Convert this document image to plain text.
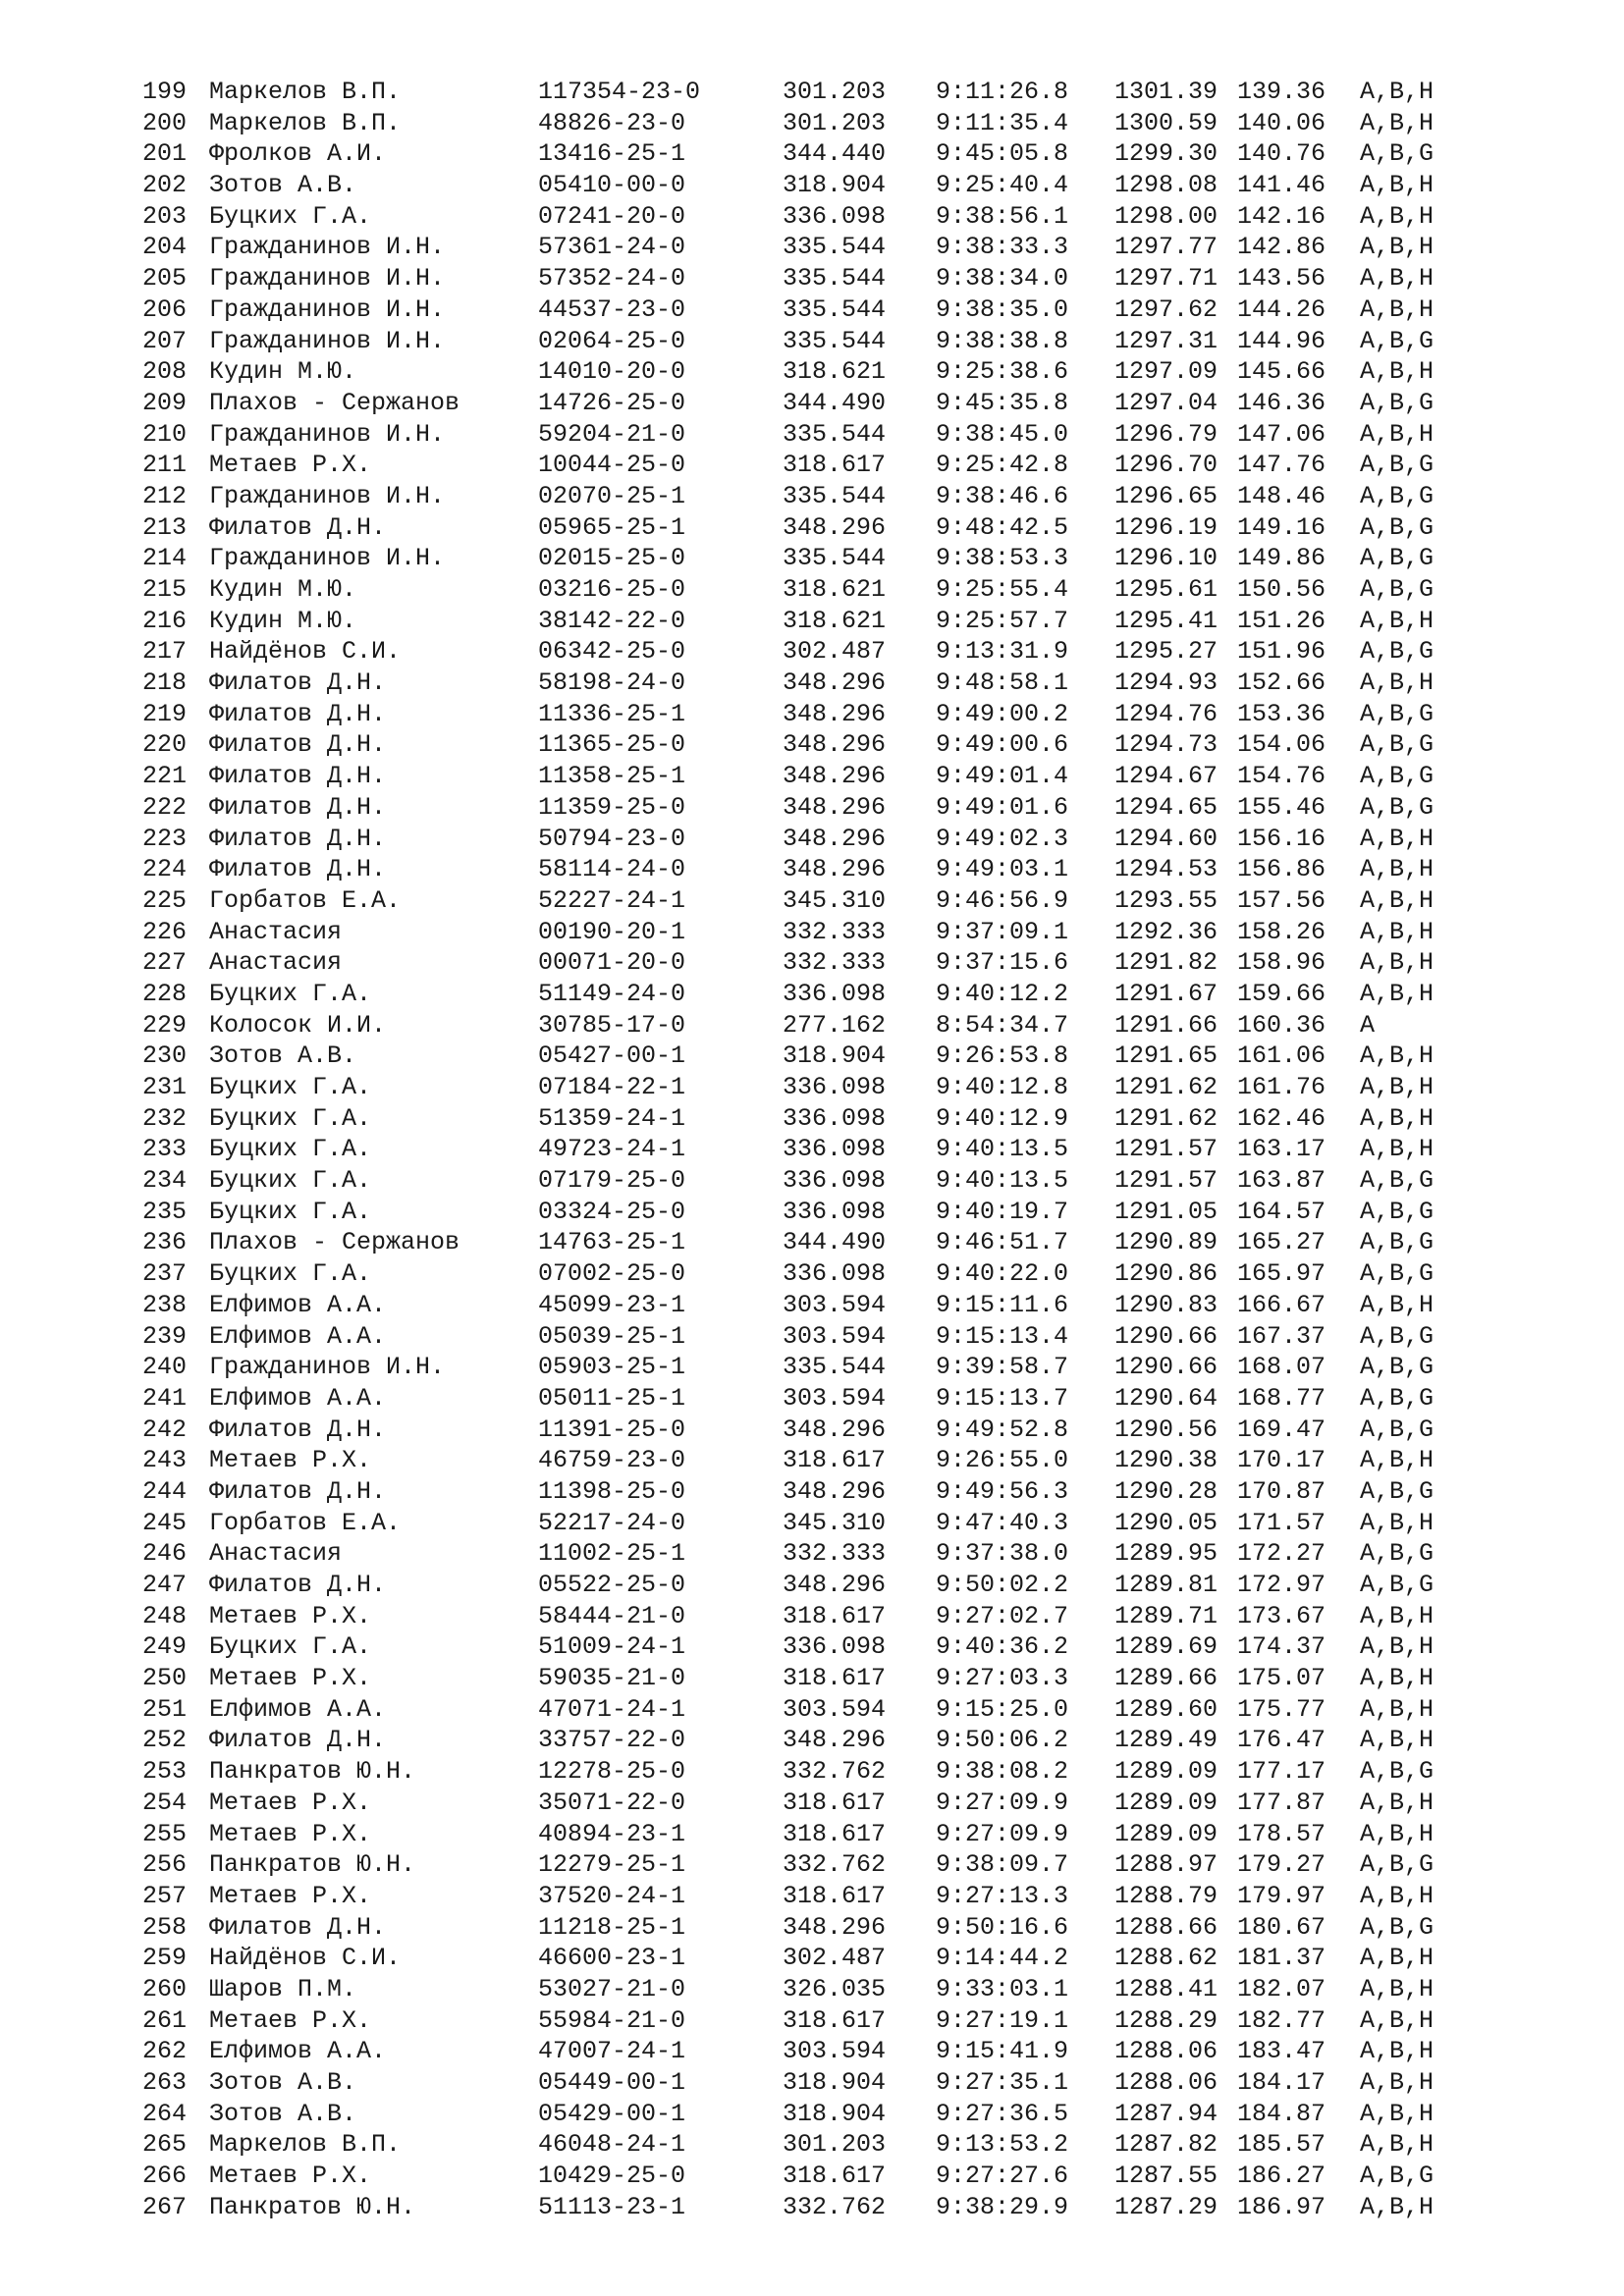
199 Маркелов В.П.	117354-23-0	301.203 9:11:26.8 1301.39 139.36 A,B,H
200 Маркелов В.П.	48826-23-0	301.203 9:11:35.4 1300.59 140.06 A,B,H
201 Фролков А.И.	13416-25-1	344.440 9:45:05.8 1299.30 140.76 A,B,G
202 Зотов А.В.	05410-00-0	318.904 9:25:40.4 1298.08 141.46 A,B,H
203 Буцких Г.А.	07241-20-0	336.098 9:38:56.1 1298.00 142.16 A,B,H
204 Гражданинов И.Н.	57361-24-0	335.544 9:38:33.3 1297.77 142.86 A,B,H
205 Гражданинов И.Н.	57352-24-0	335.544 9:38:34.0 1297.71 143.56 A,B,H
206 Гражданинов И.Н.	44537-23-0	335.544 9:38:35.0 1297.62 144.26 A,B,H
207 Гражданинов И.Н.	02064-25-0	335.544 9:38:38.8 1297.31 144.96 A,B,G
208 Кудин М.Ю.	14010-20-0	318.621 9:25:38.6 1297.09 145.66 A,B,H
209 Плахов - Сержанов	14726-25-0	344.490 9:45:35.8 1297.04 146.36 A,B,G
210 Гражданинов И.Н.	59204-21-0	335.544 9:38:45.0 1296.79 147.06 A,B,H
211 Метаев Р.Х.	10044-25-0	318.617 9:25:42.8 1296.70 147.76 A,B,G
212 Гражданинов И.Н.	02070-25-1	335.544 9:38:46.6 1296.65 148.46 A,B,G
213 Филатов Д.Н.	05965-25-1	348.296 9:48:42.5 1296.19 149.16 A,B,G
214 Гражданинов И.Н.	02015-25-0	335.544 9:38:53.3 1296.10 149.86 A,B,G
215 Кудин М.Ю.	03216-25-0	318.621 9:25:55.4 1295.61 150.56 A,B,G
216 Кудин М.Ю.	38142-22-0	318.621 9:25:57.7 1295.41 151.26 A,B,H
217 Найдёнов С.И.	06342-25-0	302.487 9:13:31.9 1295.27 151.96 A,B,G
218 Филатов Д.Н.	58198-24-0	348.296 9:48:58.1 1294.93 152.66 A,B,H
219 Филатов Д.Н.	11336-25-1	348.296 9:49:00.2 1294.76 153.36 A,B,G
220 Филатов Д.Н.	11365-25-0	348.296 9:49:00.6 1294.73 154.06 A,B,G
221 Филатов Д.Н.	11358-25-1	348.296 9:49:01.4 1294.67 154.76 A,B,G
222 Филатов Д.Н.	11359-25-0	348.296 9:49:01.6 1294.65 155.46 A,B,G
223 Филатов Д.Н.	50794-23-0	348.296 9:49:02.3 1294.60 156.16 A,B,H
224 Филатов Д.Н.	58114-24-0	348.296 9:49:03.1 1294.53 156.86 A,B,H
225 Горбатов Е.А.	52227-24-1	345.310 9:46:56.9 1293.55 157.56 A,B,H
226 Анастасия	00190-20-1	332.333 9:37:09.1 1292.36 158.26 A,B,H
227 Анастасия	00071-20-0	332.333 9:37:15.6 1291.82 158.96 A,B,H
228 Буцких Г.А.	51149-24-0	336.098 9:40:12.2 1291.67 159.66 A,B,H
229 Колосок И.И.	30785-17-0	277.162 8:54:34.7 1291.66 160.36 A
230 Зотов А.В.	05427-00-1	318.904 9:26:53.8 1291.65 161.06 A,B,H
231 Буцких Г.А.	07184-22-1	336.098 9:40:12.8 1291.62 161.76 A,B,H
232 Буцких Г.А.	51359-24-1	336.098 9:40:12.9 1291.62 162.46 A,B,H
233 Буцких Г.А.	49723-24-1	336.098 9:40:13.5 1291.57 163.17 A,B,H
234 Буцких Г.А.	07179-25-0	336.098 9:40:13.5 1291.57 163.87 A,B,G
235 Буцких Г.А.	03324-25-0	336.098 9:40:19.7 1291.05 164.57 A,B,G
236 Плахов - Сержанов	14763-25-1	344.490 9:46:51.7 1290.89 165.27 A,B,G
237 Буцких Г.А.	07002-25-0	336.098 9:40:22.0 1290.86 165.97 A,B,G
238 Елфимов А.А.	45099-23-1	303.594 9:15:11.6 1290.83 166.67 A,B,H
239 Елфимов А.А.	05039-25-1	303.594 9:15:13.4 1290.66 167.37 A,B,G
240 Гражданинов И.Н.	05903-25-1	335.544 9:39:58.7 1290.66 168.07 A,B,G
241 Елфимов А.А.	05011-25-1	303.594 9:15:13.7 1290.64 168.77 A,B,G
242 Филатов Д.Н.	11391-25-0	348.296 9:49:52.8 1290.56 169.47 A,B,G
243 Метаев Р.Х.	46759-23-0	318.617 9:26:55.0 1290.38 170.17 A,B,H
244 Филатов Д.Н.	11398-25-0	348.296 9:49:56.3 1290.28 170.87 A,B,G
245 Горбатов Е.А.	52217-24-0	345.310 9:47:40.3 1290.05 171.57 A,B,H
246 Анастасия	11002-25-1	332.333 9:37:38.0 1289.95 172.27 A,B,G
247 Филатов Д.Н.	05522-25-0	348.296 9:50:02.2 1289.81 172.97 A,B,G
248 Метаев Р.Х.	58444-21-0	318.617 9:27:02.7 1289.71 173.67 A,B,H
249 Буцких Г.А.	51009-24-1	336.098 9:40:36.2 1289.69 174.37 A,B,H
250 Метаев Р.Х.	59035-21-0	318.617 9:27:03.3 1289.66 175.07 A,B,H
251 Елфимов А.А.	47071-24-1	303.594 9:15:25.0 1289.60 175.77 A,B,H
252 Филатов Д.Н.	33757-22-0	348.296 9:50:06.2 1289.49 176.47 A,B,H
253 Панкратов Ю.Н.	12278-25-0	332.762 9:38:08.2 1289.09 177.17 A,B,G
254 Метаев Р.Х.	35071-22-0	318.617 9:27:09.9 1289.09 177.87 A,B,H
255 Метаев Р.Х.	40894-23-1	318.617 9:27:09.9 1289.09 178.57 A,B,H
256 Панкратов Ю.Н.	12279-25-1	332.762 9:38:09.7 1288.97 179.27 A,B,G
257 Метаев Р.Х.	37520-24-1	318.617 9:27:13.3 1288.79 179.97 A,B,H
258 Филатов Д.Н.	11218-25-1	348.296 9:50:16.6 1288.66 180.67 A,B,G
259 Найдёнов С.И.	46600-23-1	302.487 9:14:44.2 1288.62 181.37 A,B,H
260 Шаров П.М.	53027-21-0	326.035 9:33:03.1 1288.41 182.07 A,B,H
261 Метаев Р.Х.	55984-21-0	318.617 9:27:19.1 1288.29 182.77 A,B,H
262 Елфимов А.А.	47007-24-1	303.594 9:15:41.9 1288.06 183.47 A,B,H
263 Зотов А.В.	05449-00-1	318.904 9:27:35.1 1288.06 184.17 A,B,H
264 Зотов А.В.	05429-00-1	318.904 9:27:36.5 1287.94 184.87 A,B,H
265 Маркелов В.П.	46048-24-1	301.203 9:13:53.2 1287.82 185.57 A,B,H
266 Метаев Р.Х.	10429-25-0	318.617 9:27:27.6 1287.55 186.27 A,B,G
267 Панкратов Ю.Н.	51113-23-1	332.762 9:38:29.9 1287.29 186.97 A,B,H
